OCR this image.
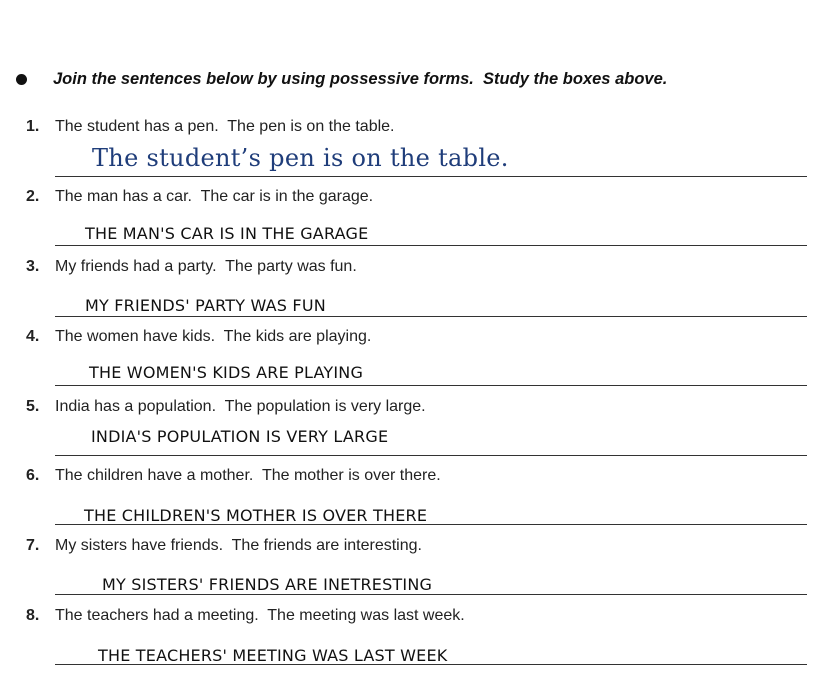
Join the sentences below by using possessive forms.  Study the boxes above.
1. The student has a pen.  The pen is on the table.
The student’s pen is on the table.
2. The man has a car.  The car is in the garage.
THE MAN'S CAR IS IN THE GARAGE
3. My friends had a party.  The party was fun.
MY FRIENDS' PARTY WAS FUN
4. The women have kids.  The kids are playing.
THE WOMEN'S KIDS ARE PLAYING
5. India has a population.  The population is very large.
INDIA'S POPULATION IS VERY LARGE
6. The children have a mother.  The mother is over there.
THE CHILDREN'S MOTHER IS OVER THERE
7. My sisters have friends.  The friends are interesting.
MY SISTERS' FRIENDS ARE INETRESTING
8. The teachers had a meeting.  The meeting was last week.
THE TEACHERS' MEETING WAS LAST WEEK
